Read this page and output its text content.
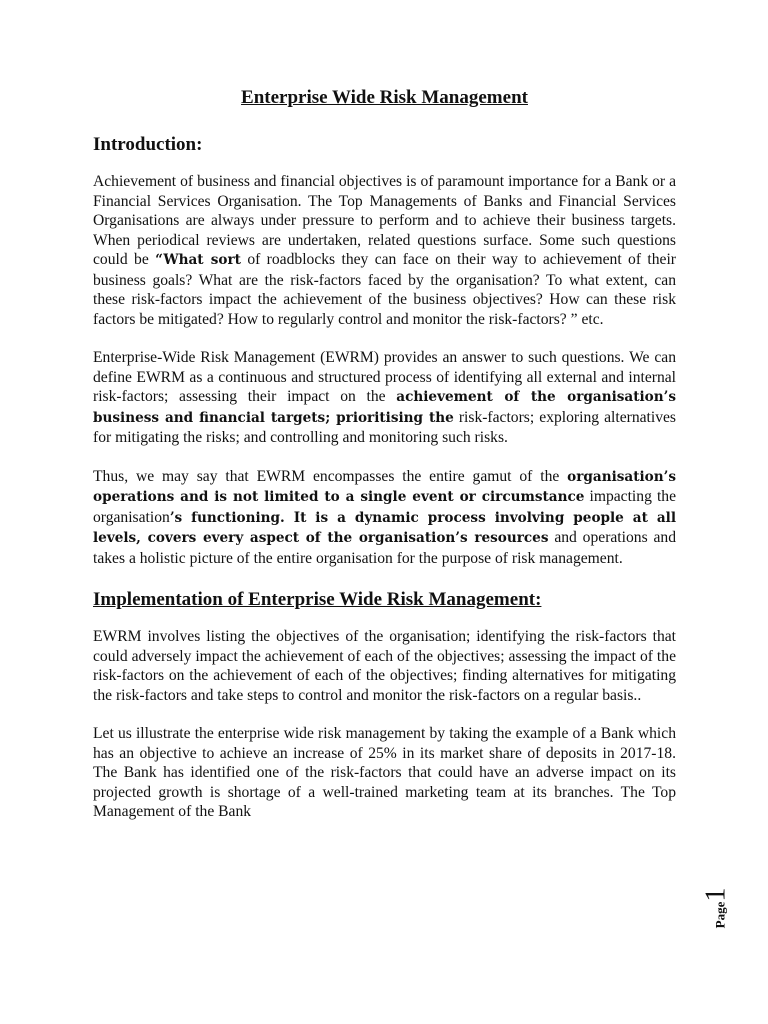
Enterprise Wide Risk Management
Introduction:

Achievement of business and financial objectives is of paramount importance for a Bank or a Financial Services Organisation. The Top Managements of Banks and Financial Services Organisations are always under pressure to perform and to achieve their business targets. When periodical reviews are undertaken, related questions surface. Some such questions could be “What sort of roadblocks they can face on their way to achievement of their business goals? What are the risk-factors faced by the organisation? To what extent, can these risk-factors impact the achievement of the business objectives? How can these risk factors be mitigated? How to regularly control and monitor the risk-factors? ” etc.

Enterprise-Wide Risk Management (EWRM) provides an answer to such questions. We can define EWRM as a continuous and structured process of identifying all external and internal risk-factors; assessing their impact on the achievement of the organisation’s business and financial targets; prioritising the risk-factors; exploring alternatives for mitigating the risks; and controlling and monitoring such risks.

Thus, we may say that EWRM encompasses the entire gamut of the organisation’s operations and is not limited to a single event or circumstance impacting the organisation’s functioning. It is a dynamic process involving people at all levels, covers every aspect of the organisation’s resources and operations and takes a holistic picture of the entire organisation for the purpose of risk management.

Implementation of Enterprise Wide Risk Management:

EWRM involves listing the objectives of the organisation; identifying the risk-factors that could adversely impact the achievement of each of the objectives; assessing the impact of the risk-factors on the achievement of each of the objectives; finding alternatives for mitigating the risk-factors and take steps to control and monitor the risk-factors on a regular basis..

Let us illustrate the enterprise wide risk management by taking the example of a Bank which has an objective to achieve an increase of 25% in its market share of deposits in 2017-18. The Bank has identified one of the risk-factors that could have an adverse impact on its projected growth is shortage of a well-trained marketing team at its branches. The Top Management of the Bank

Page1
